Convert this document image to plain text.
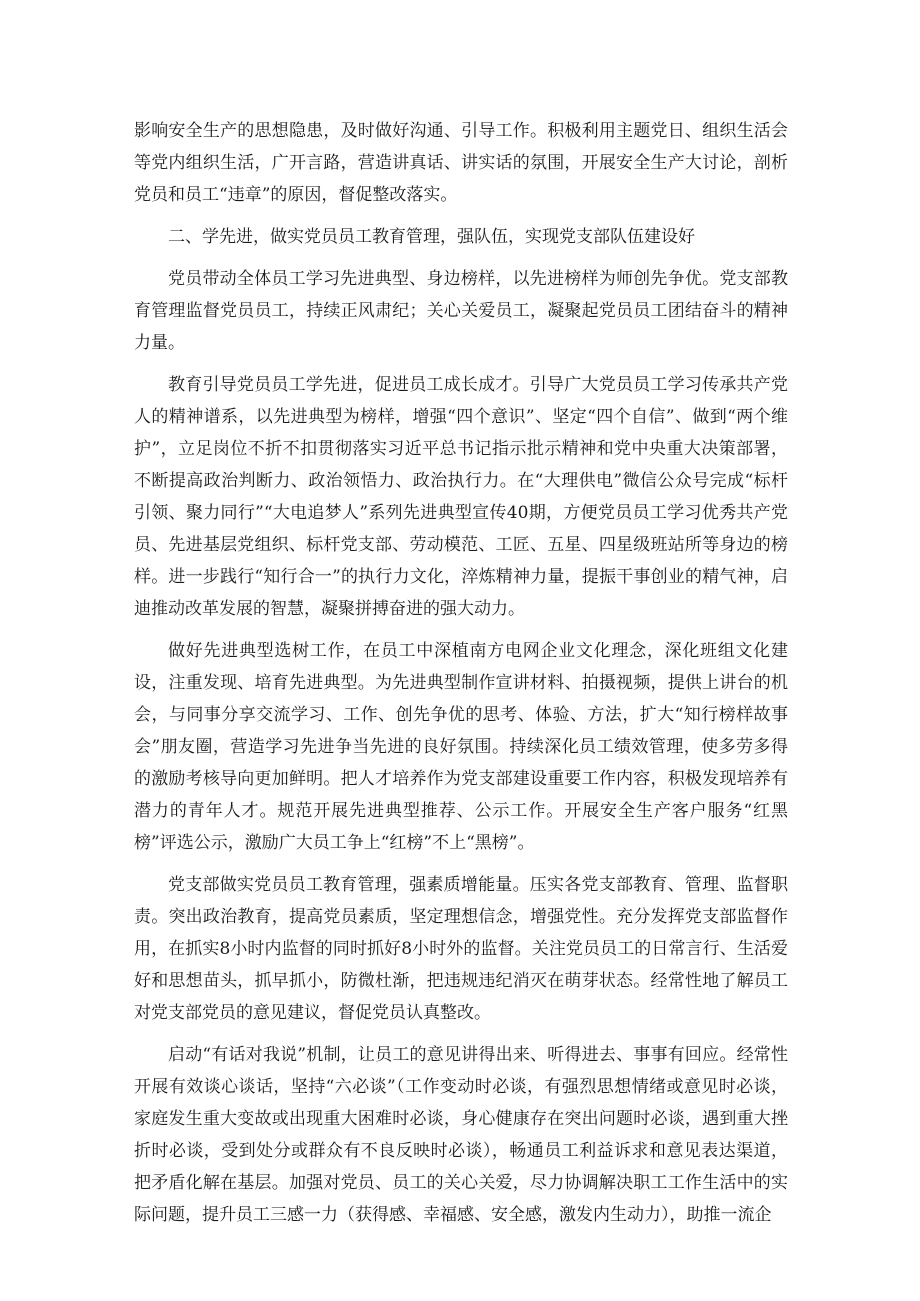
影响安全生产的思想隐患，及时做好沟通、引导工作。积极利用主题党日、组织生活会等党内组织生活，广开言路，营造讲真话、讲实话的氛围，开展安全生产大讨论，剖析党员和员工“违章”的原因，督促整改落实。

二、学先进，做实党员员工教育管理，强队伍，实现党支部队伍建设好

党员带动全体员工学习先进典型、身边榜样，以先进榜样为师创先争优。党支部教育管理监督党员员工，持续正风肃纪；关心关爱员工，凝聚起党员员工团结奋斗的精神力量。

教育引导党员员工学先进，促进员工成长成才。引导广大党员员工学习传承共产党人的精神谱系，以先进典型为榜样，增强“四个意识”、坚定“四个自信”、做到“两个维护”，立足岗位不折不扣贯彻落实习近平总书记指示批示精神和党中央重大决策部署，不断提高政治判断力、政治领悟力、政治执行力。在“大理供电”微信公众号完成“标杆引领、聚力同行”“大电追梦人”系列先进典型宣传40期，方便党员员工学习优秀共产党员、先进基层党组织、标杆党支部、劳动模范、工匠、五星、四星级班站所等身边的榜样。进一步践行“知行合一”的执行力文化，淬炼精神力量，提振干事创业的精气神，启迪推动改革发展的智慧，凝聚拼搏奋进的强大动力。

做好先进典型选树工作，在员工中深植南方电网企业文化理念，深化班组文化建设，注重发现、培育先进典型。为先进典型制作宣讲材料、拍摄视频，提供上讲台的机会，与同事分享交流学习、工作、创先争优的思考、体验、方法，扩大“知行榜样故事会”朋友圈，营造学习先进争当先进的良好氛围。持续深化员工绩效管理，使多劳多得的激励考核导向更加鲜明。把人才培养作为党支部建设重要工作内容，积极发现培养有潜力的青年人才。规范开展先进典型推荐、公示工作。开展安全生产客户服务“红黑榜”评选公示，激励广大员工争上“红榜”不上“黑榜”。

党支部做实党员员工教育管理，强素质增能量。压实各党支部教育、管理、监督职责。突出政治教育，提高党员素质，坚定理想信念，增强党性。充分发挥党支部监督作用，在抓实8小时内监督的同时抓好8小时外的监督。关注党员员工的日常言行、生活爱好和思想苗头，抓早抓小，防微杜渐，把违规违纪消灭在萌芽状态。经常性地了解员工对党支部党员的意见建议，督促党员认真整改。

启动“有话对我说”机制，让员工的意见讲得出来、听得进去、事事有回应。经常性开展有效谈心谈话，坚持“六必谈”（工作变动时必谈，有强烈思想情绪或意见时必谈，家庭发生重大变故或出现重大困难时必谈，身心健康存在突出问题时必谈，遇到重大挫折时必谈，受到处分或群众有不良反映时必谈），畅通员工利益诉求和意见表达渠道，把矛盾化解在基层。加强对党员、员工的关心关爱，尽力协调解决职工工作生活中的实际问题，提升员工三感一力（获得感、幸福感、安全感，激发内生动力），助推一流企
